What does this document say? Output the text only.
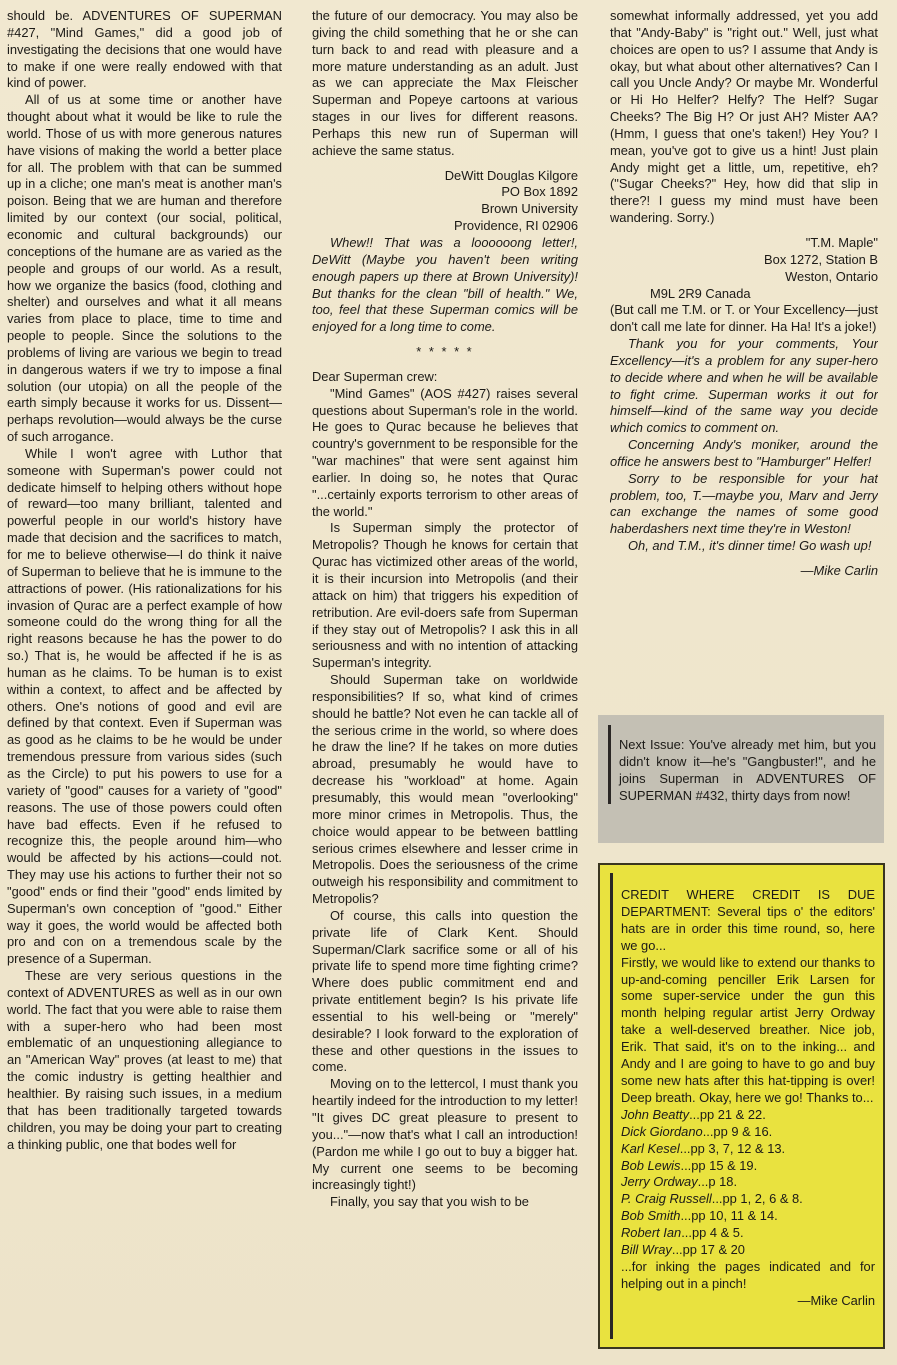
should be. ADVENTURES OF SUPERMAN #427, "Mind Games," did a good job of investigating the decisions that one would have to make if one were really endowed with that kind of power.

All of us at some time or another have thought about what it would be like to rule the world. Those of us with more generous natures have visions of making the world a better place for all. The problem with that can be summed up in a cliche; one man's meat is another man's poison. Being that we are human and therefore limited by our context (our social, political, economic and cultural backgrounds) our conceptions of the humane are as varied as the people and groups of our world. As a result, how we organize the basics (food, clothing and shelter) and ourselves and what it all means varies from place to place, time to time and people to people. Since the solutions to the problems of living are various we begin to tread in dangerous waters if we try to impose a final solution (our utopia) on all the people of the earth simply because it works for us. Dissent—perhaps revolution—would always be the curse of such arrogance.

While I won't agree with Luthor that someone with Superman's power could not dedicate himself to helping others without hope of reward—too many brilliant, talented and powerful people in our world's history have made that decision and the sacrifices to match, for me to believe otherwise—I do think it naive of Superman to believe that he is immune to the attractions of power. (His rationalizations for his invasion of Qurac are a perfect example of how someone could do the wrong thing for all the right reasons because he has the power to do so.) That is, he would be affected if he is as human as he claims. To be human is to exist within a context, to affect and be affected by others. One's notions of good and evil are defined by that context. Even if Superman was as good as he claims to be he would be under tremendous pressure from various sides (such as the Circle) to put his powers to use for a variety of "good" causes for a variety of "good" reasons. The use of those powers could often have bad effects. Even if he refused to recognize this, the people around him—who would be affected by his actions—could not. They may use his actions to further their not so "good" ends or find their "good" ends limited by Superman's own conception of "good." Either way it goes, the world would be affected both pro and con on a tremendous scale by the presence of a Superman.

These are very serious questions in the context of ADVENTURES as well as in our own world. The fact that you were able to raise them with a super-hero who had been most emblematic of an unquestioning allegiance to an "American Way" proves (at least to me) that the comic industry is getting healthier and healthier. By raising such issues, in a medium that has been traditionally targeted towards children, you may be doing your part to creating a thinking public, one that bodes well for

the future of our democracy. You may also be giving the child something that he or she can turn back to and read with pleasure and a more mature understanding as an adult. Just as we can appreciate the Max Fleischer Superman and Popeye cartoons at various stages in our lives for different reasons. Perhaps this new run of Superman will achieve the same status.

DeWitt Douglas Kilgore

PO Box 1892

Brown University

Providence, RI 02906

Whew!! That was a loooooong letter!, DeWitt (Maybe you haven't been writing enough papers up there at Brown University)! But thanks for the clean "bill of health." We, too, feel that these Superman comics will be enjoyed for a long time to come.

* * * * *

Dear Superman crew:

"Mind Games" (AOS #427) raises several questions about Superman's role in the world. He goes to Qurac because he believes that country's government to be responsible for the "war machines" that were sent against him earlier. In doing so, he notes that Qurac "...certainly exports terrorism to other areas of the world."

Is Superman simply the protector of Metropolis? Though he knows for certain that Qurac has victimized other areas of the world, it is their incursion into Metropolis (and their attack on him) that triggers his expedition of retribution. Are evil-doers safe from Superman if they stay out of Metropolis? I ask this in all seriousness and with no intention of attacking Superman's integrity.

Should Superman take on worldwide responsibilities? If so, what kind of crimes should he battle? Not even he can tackle all of the serious crime in the world, so where does he draw the line? If he takes on more duties abroad, presumably he would have to decrease his "workload" at home. Again presumably, this would mean "overlooking" more minor crimes in Metropolis. Thus, the choice would appear to be between battling serious crimes elsewhere and lesser crime in Metropolis. Does the seriousness of the crime outweigh his responsibility and commitment to Metropolis?

Of course, this calls into question the private life of Clark Kent. Should Superman/Clark sacrifice some or all of his private life to spend more time fighting crime? Where does public commitment end and private entitlement begin? Is his private life essential to his well-being or "merely" desirable? I look forward to the exploration of these and other questions in the issues to come.

Moving on to the lettercol, I must thank you heartily indeed for the introduction to my letter! "It gives DC great pleasure to present to you..."—now that's what I call an introduction! (Pardon me while I go out to buy a bigger hat. My current one seems to be becoming increasingly tight!)

Finally, you say that you wish to be

somewhat informally addressed, yet you add that "Andy-Baby" is "right out." Well, just what choices are open to us? I assume that Andy is okay, but what about other alternatives? Can I call you Uncle Andy? Or maybe Mr. Wonderful or Hi Ho Helfer? Helfy? The Helf? Sugar Cheeks? The Big H? Or just AH? Mister AA? (Hmm, I guess that one's taken!) Hey You? I mean, you've got to give us a hint! Just plain Andy might get a little, um, repetitive, eh? ("Sugar Cheeks?" Hey, how did that slip in there?! I guess my mind must have been wandering. Sorry.)

"T.M. Maple"

Box 1272, Station B

Weston, Ontario

M9L 2R9 Canada

(But call me T.M. or T. or Your Excellency—just don't call me late for dinner. Ha Ha! It's a joke!)

Thank you for your comments, Your Excellency—it's a problem for any super-hero to decide where and when he will be available to fight crime. Superman works it out for himself—kind of the same way you decide which comics to comment on.

Concerning Andy's moniker, around the office he answers best to "Hamburger" Helfer!

Sorry to be responsible for your hat problem, too, T.—maybe you, Marv and Jerry can exchange the names of some good haberdashers next time they're in Weston!

Oh, and T.M., it's dinner time! Go wash up!

—Mike Carlin

Next Issue: You've already met him, but you didn't know it—he's "Gangbuster!", and he joins Superman in ADVENTURES OF SUPERMAN #432, thirty days from now!

CREDIT WHERE CREDIT IS DUE DEPARTMENT: Several tips o' the editors' hats are in order this time round, so, here we go...

Firstly, we would like to extend our thanks to up-and-coming penciller Erik Larsen for some super-service under the gun this month helping regular artist Jerry Ordway take a well-deserved breather. Nice job, Erik. That said, it's on to the inking... and Andy and I are going to have to go and buy some new hats after this hat-tipping is over! Deep breath. Okay, here we go! Thanks to...

John Beatty...pp 21 & 22.
Dick Giordano...pp 9 & 16.
Karl Kesel...pp 3, 7, 12 & 13.
Bob Lewis...pp 15 & 19.
Jerry Ordway...p 18.
P. Craig Russell...pp 1, 2, 6 & 8.
Bob Smith...pp 10, 11 & 14.
Robert Ian...pp 4 & 5.
Bill Wray...pp 17 & 20

...for inking the pages indicated and for helping out in a pinch!

—Mike Carlin
